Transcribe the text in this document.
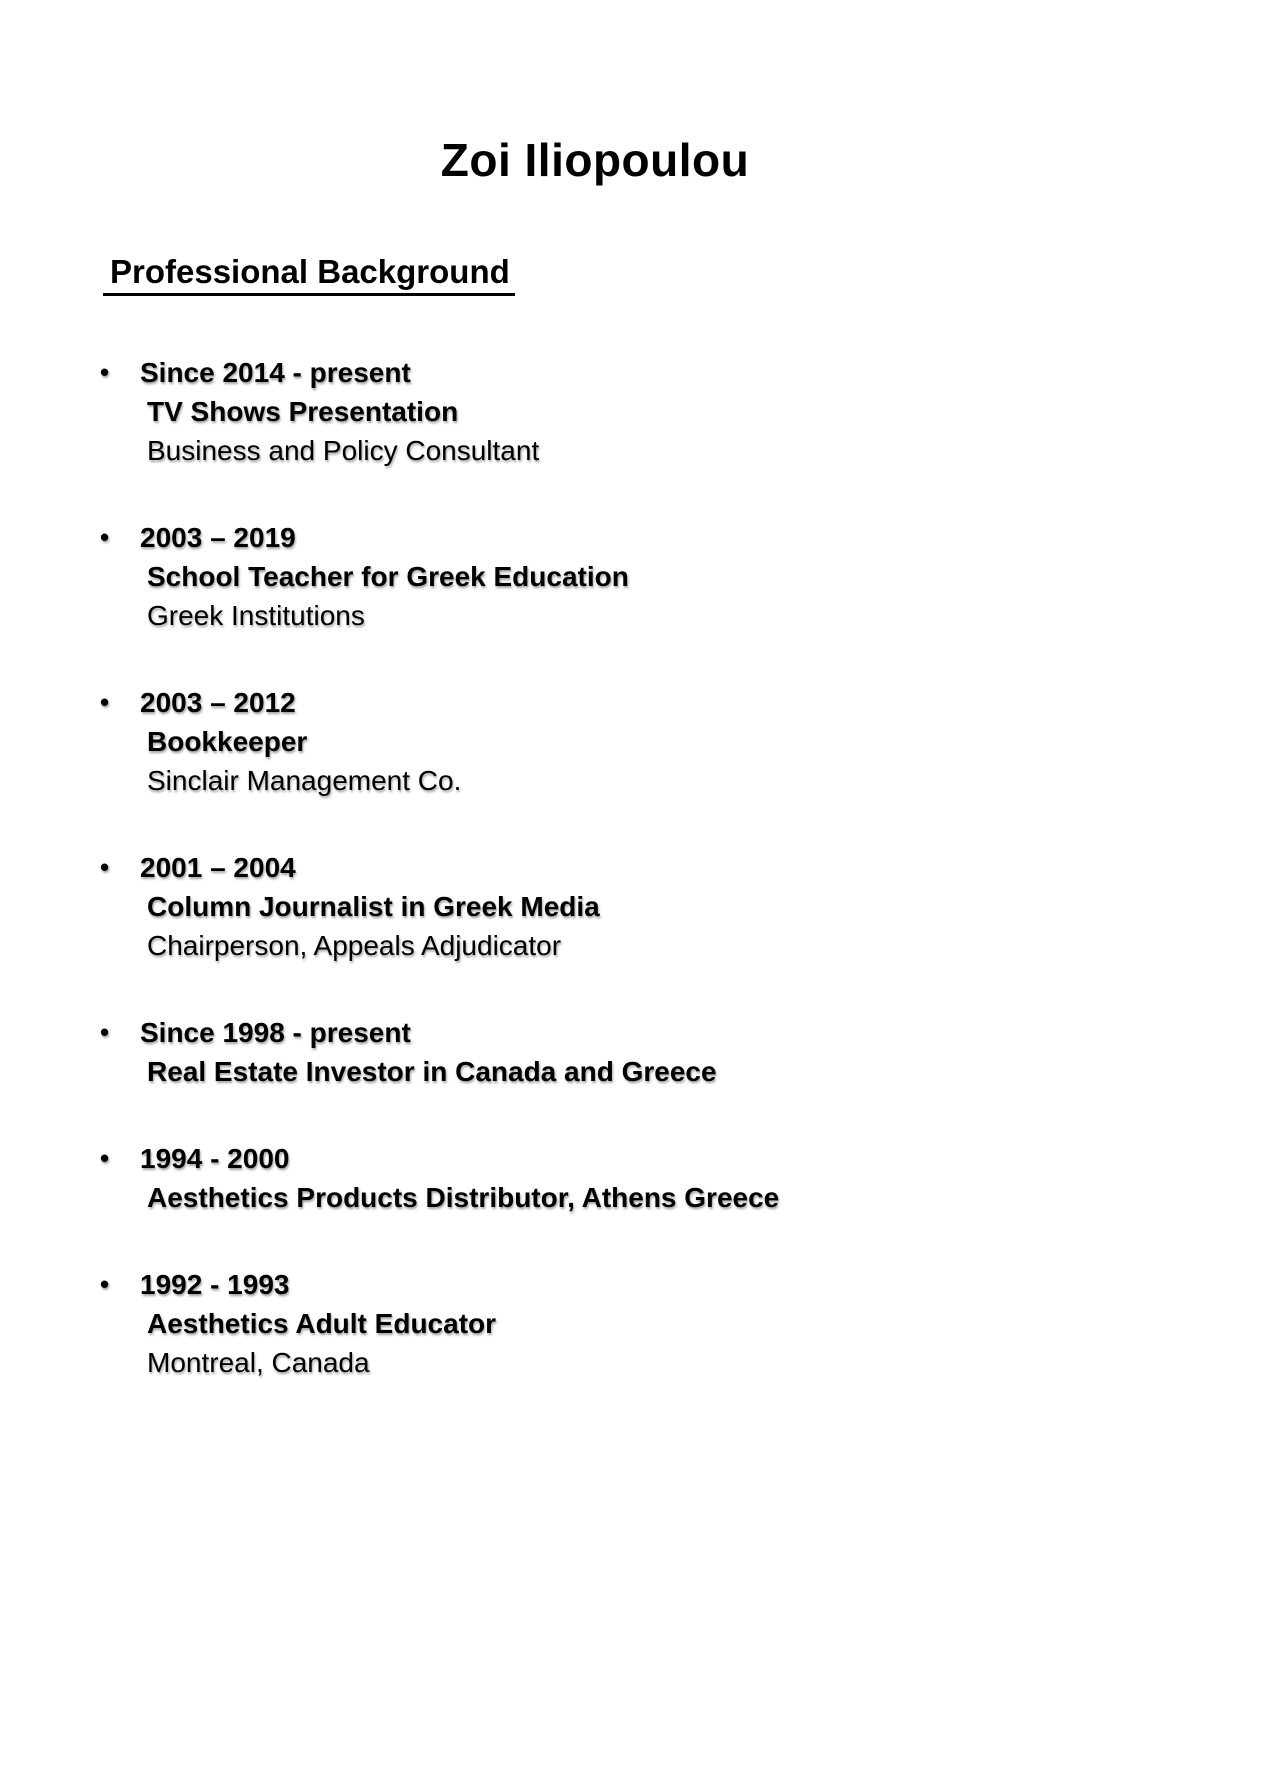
Zoi Iliopoulou
Professional Background
•	Since 2014 - present
TV Shows Presentation
Business and Policy Consultant
•	2003 – 2019
School Teacher for Greek Education
Greek Institutions
•	2003 – 2012
Bookkeeper
Sinclair Management Co.
•	2001 – 2004
Column Journalist in Greek Media
Chairperson, Appeals Adjudicator
•	Since 1998 - present
Real Estate Investor in Canada and Greece
•	1994 - 2000
Aesthetics Products Distributor, Athens Greece
•	1992 - 1993
Aesthetics Adult Educator
Montreal, Canada
